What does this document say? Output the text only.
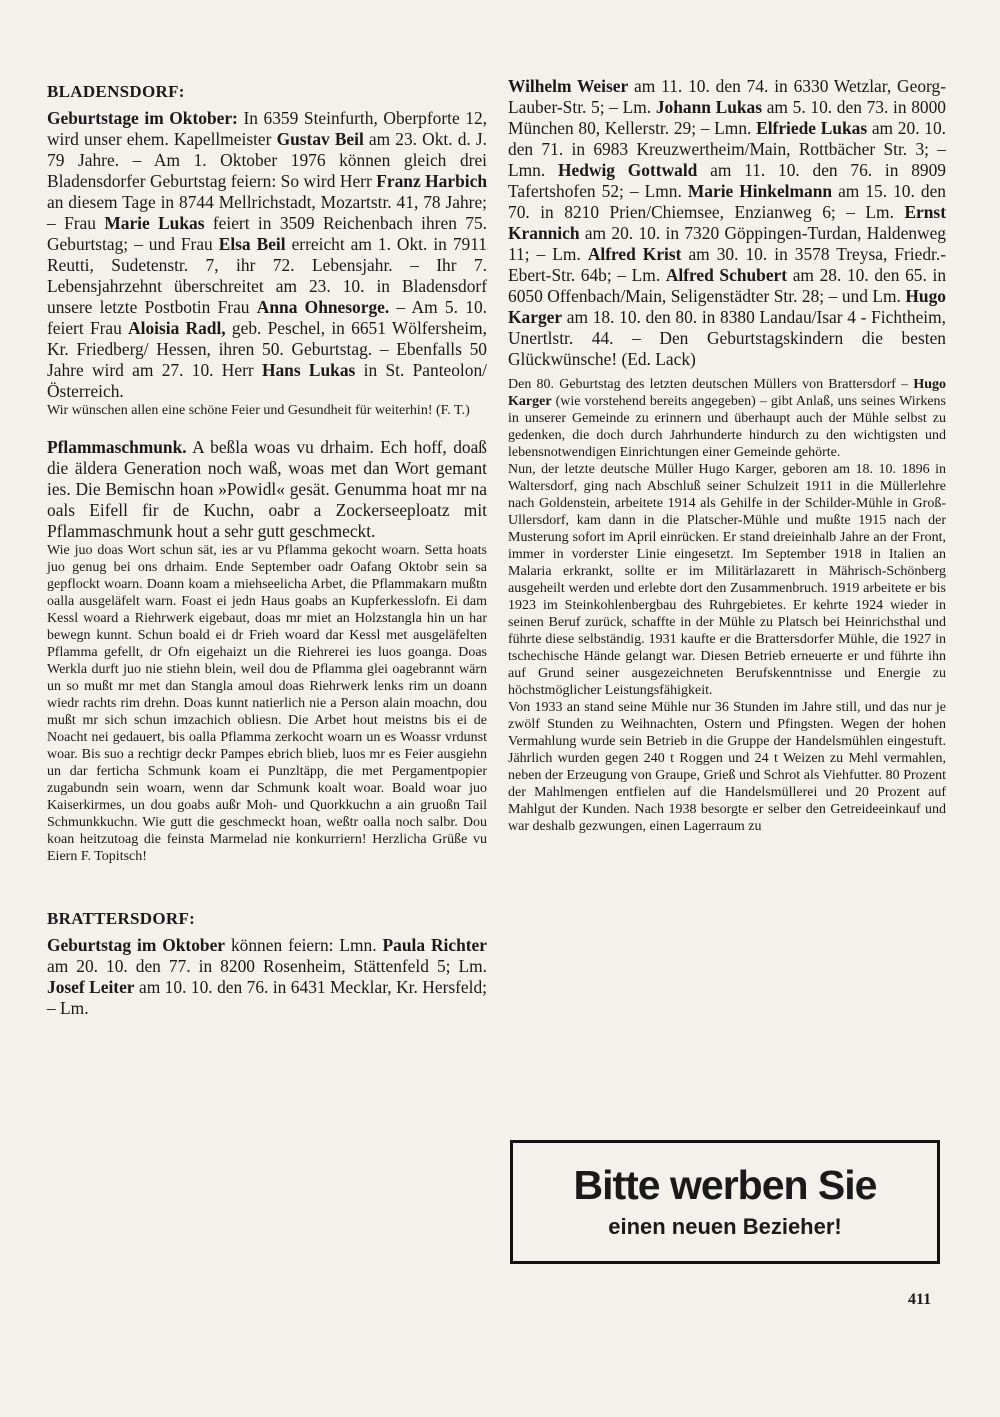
BLADENSDORF:

Geburtstage im Oktober: In 6359 Steinfurth, Oberpforte 12, wird unser ehem. Kapellmeister Gustav Beil am 23. Okt. d. J. 79 Jahre. – Am 1. Oktober 1976 können gleich drei Bladensdorfer Geburtstag feiern: So wird Herr Franz Harbich an diesem Tage in 8744 Mellrichstadt, Mozartstr. 41, 78 Jahre; – Frau Marie Lukas feiert in 3509 Reichenbach ihren 75. Geburtstag; – und Frau Elsa Beil erreicht am 1. Okt. in 7911 Reutti, Sudetenstr. 7, ihr 72. Lebensjahr. – Ihr 7. Lebensjahrzehnt überschreitet am 23. 10. in Bladensdorf unsere letzte Postbotin Frau Anna Ohnesorge. – Am 5. 10. feiert Frau Aloisia Radl, geb. Peschel, in 6651 Wölfersheim, Kr. Friedberg/ Hessen, ihren 50. Geburtstag. – Ebenfalls 50 Jahre wird am 27. 10. Herr Hans Lukas in St. Panteolon/Österreich.

Wir wünschen allen eine schöne Feier und Gesundheit für weiterhin! (F. T.)

Pflammaschmunk. A beßla woas vu drhaim. Ech hoff, doaß die äldera Generation noch waß, woas met dan Wort gemant ies. Die Bemischn hoan »Powidl« gesät. Genumma hoat mr na oals Eifell fir de Kuchn, oabr a Zockerseeploatz mit Pflammaschmunk hout a sehr gutt geschmeckt.

Wie juo doas Wort schun sät, ies ar vu Pflamma gekocht woarn. Setta hoats juo genug bei ons drhaim. Ende September oadr Oafang Oktobr sein sa gepflockt woarn. Doann koam a miehseelicha Arbet, die Pflammakarn mußtn oalla ausgeläfelt warn. Foast ei jedn Haus goabs an Kupferkesslofn. Ei dam Kessl woard a Riehrwerk eigebaut, doas mr miet an Holzstangla hin un har bewegn kunnt. Schun boald ei dr Frieh woard dar Kessl met ausgeläfelten Pflamma gefellt, dr Ofn eigehaizt un die Riehrerei ies luos goanga. Doas Werkla durft juo nie stiehn blein, weil dou de Pflamma glei oagebrannt wärn un so mußt mr met dan Stangla amoul doas Riehrwerk lenks rim un doann wiedr rachts rim drehn. Doas kunnt natierlich nie a Person alain moachn, dou mußt mr sich schun imzachich obliesn. Die Arbet hout meistns bis ei de Noacht nei gedauert, bis oalla Pflamma zerkocht woarn un es Woassr vrdunst woar. Bis suo a rechtigr deckr Pampes ebrich blieb, luos mr es Feier ausgiehn un dar ferticha Schmunk koam ei Punzltäpp, die met Pergamentpopier zugabundn sein woarn, wenn dar Schmunk koalt woar. Boald woar juo Kaiserkirmes, un dou goabs außr Moh- und Quorkkuchn a ain gruoßn Tail Schmunkkuchn. Wie gutt die geschmeckt hoan, weßtr oalla noch salbr. Dou koan heitzutoag die feinsta Marmelad nie konkurriern! Herzlicha Grüße vu Eiern F. Topitsch!

BRATTERSDORF:

Geburtstag im Oktober können feiern: Lmn. Paula Richter am 20. 10. den 77. in 8200 Rosenheim, Stättenfeld 5; Lm. Josef Leiter am 10. 10. den 76. in 6431 Mecklar, Kr. Hersfeld; – Lm.

Wilhelm Weiser am 11. 10. den 74. in 6330 Wetzlar, Georg-Lauber-Str. 5; – Lm. Johann Lukas am 5. 10. den 73. in 8000 München 80, Kellerstr. 29; – Lmn. Elfriede Lukas am 20. 10. den 71. in 6983 Kreuzwertheim/Main, Rottbächer Str. 3; – Lmn. Hedwig Gottwald am 11. 10. den 76. in 8909 Tafertshofen 52; – Lmn. Marie Hinkelmann am 15. 10. den 70. in 8210 Prien/Chiemsee, Enzianweg 6; – Lm. Ernst Krannich am 20. 10. in 7320 Göppingen-Turdan, Haldenweg 11; – Lm. Alfred Krist am 30. 10. in 3578 Treysa, Friedr.-Ebert-Str. 64b; – Lm. Alfred Schubert am 28. 10. den 65. in 6050 Offenbach/Main, Seligenstädter Str. 28; – und Lm. Hugo Karger am 18. 10. den 80. in 8380 Landau/Isar 4 - Fichtheim, Unertlstr. 44. – Den Geburtstagskindern die besten Glückwünsche! (Ed. Lack)

Den 80. Geburtstag des letzten deutschen Müllers von Brattersdorf – Hugo Karger (wie vorstehend bereits angegeben) – gibt Anlaß, uns seines Wirkens in unserer Gemeinde zu erinnern und überhaupt auch der Mühle selbst zu gedenken, die doch durch Jahrhunderte hindurch zu den wichtigsten und lebensnotwendigen Einrichtungen einer Gemeinde gehörte.

Nun, der letzte deutsche Müller Hugo Karger, geboren am 18. 10. 1896 in Waltersdorf, ging nach Abschluß seiner Schulzeit 1911 in die Müllerlehre nach Goldenstein, arbeitete 1914 als Gehilfe in der Schilder-Mühle in Groß-Ullersdorf, kam dann in die Platscher-Mühle und mußte 1915 nach der Musterung sofort im April einrücken. Er stand dreieinhalb Jahre an der Front, immer in vorderster Linie eingesetzt. Im September 1918 in Italien an Malaria erkrankt, sollte er im Militärlazarett in Mährisch-Schönberg ausgeheilt werden und erlebte dort den Zusammenbruch. 1919 arbeitete er bis 1923 im Steinkohlenbergbau des Ruhrgebietes. Er kehrte 1924 wieder in seinen Beruf zurück, schaffte in der Mühle zu Platsch bei Heinrichsthal und führte diese selbständig. 1931 kaufte er die Brattersdorfer Mühle, die 1927 in tschechische Hände gelangt war. Diesen Betrieb erneuerte er und führte ihn auf Grund seiner ausgezeichneten Berufskenntnisse und Energie zu höchstmöglicher Leistungsfähigkeit.

Von 1933 an stand seine Mühle nur 36 Stunden im Jahre still, und das nur je zwölf Stunden zu Weihnachten, Ostern und Pfingsten. Wegen der hohen Vermahlung wurde sein Betrieb in die Gruppe der Handelsmühlen eingestuft. Jährlich wurden gegen 240 t Roggen und 24 t Weizen zu Mehl vermahlen, neben der Erzeugung von Graupe, Grieß und Schrot als Viehfutter. 80 Prozent der Mahlmengen entfielen auf die Handelsmüllerei und 20 Prozent auf Mahlgut der Kunden. Nach 1938 besorgte er selber den Getreideeinkauf und war deshalb gezwungen, einen Lagerraum zu

Bitte werben Sie
einen neuen Bezieher!
411
